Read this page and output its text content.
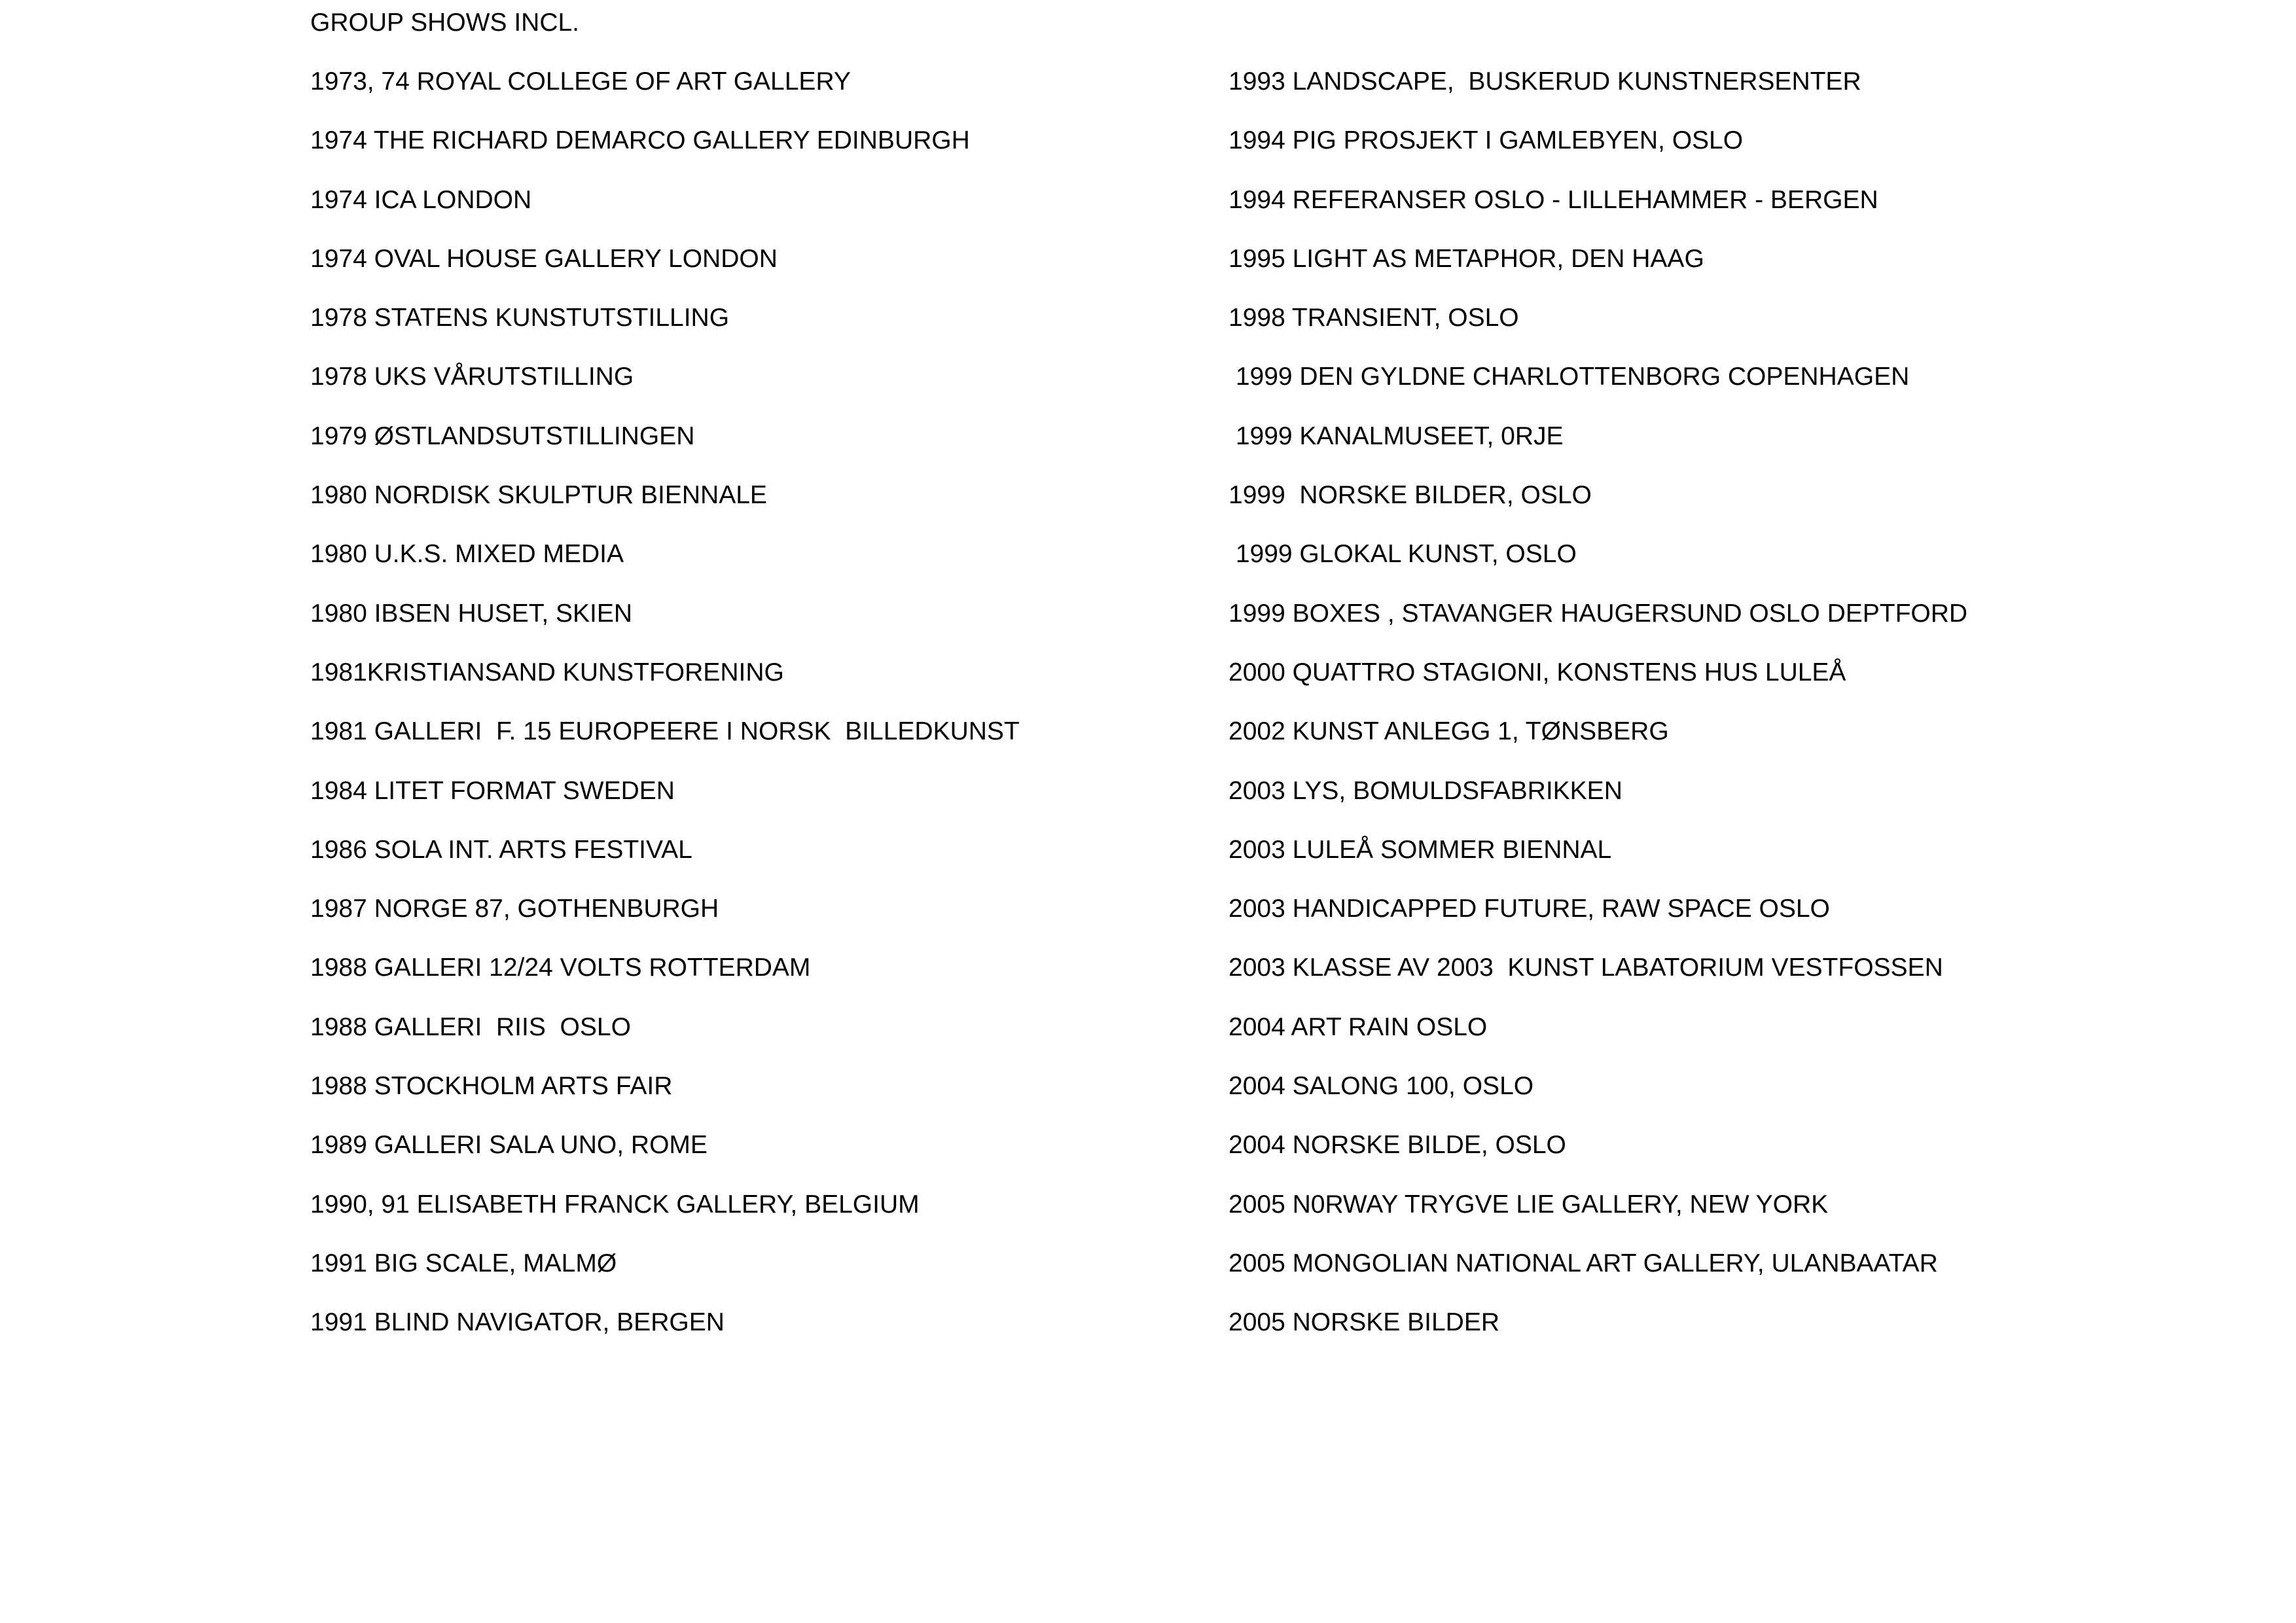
GROUP SHOWS INCL.
1973, 74 ROYAL COLLEGE OF ART GALLERY
1974 THE RICHARD DEMARCO GALLERY EDINBURGH
1974 ICA LONDON
1974 OVAL HOUSE GALLERY LONDON
1978 STATENS KUNSTUTSTILLING
1978 UKS VÅRUTSTILLING
1979 ØSTLANDSUTSTILLINGEN
1980 NORDISK SKULPTUR BIENNALE
1980 U.K.S. MIXED MEDIA
1980 IBSEN HUSET, SKIEN
1981KRISTIANSAND KUNSTFORENING
1981 GALLERI  F. 15 EUROPEERE I NORSK  BILLEDKUNST
1984 LITET FORMAT SWEDEN
1986 SOLA INT. ARTS FESTIVAL
1987 NORGE 87, GOTHENBURGH
1988 GALLERI 12/24 VOLTS ROTTERDAM
1988 GALLERI  RIIS  OSLO
1988 STOCKHOLM ARTS FAIR
1989 GALLERI SALA UNO, ROME
1990, 91 ELISABETH FRANCK GALLERY, BELGIUM
1991 BIG SCALE, MALMØ
1991 BLIND NAVIGATOR, BERGEN
1993 LANDSCAPE,  BUSKERUD KUNSTNERSENTER
1994 PIG PROSJEKT I GAMLEBYEN, OSLO
1994 REFERANSER OSLO - LILLEHAMMER - BERGEN
1995 LIGHT AS METAPHOR, DEN HAAG
1998 TRANSIENT, OSLO
1999 DEN GYLDNE CHARLOTTENBORG COPENHAGEN
1999 KANALMUSEET, 0RJE
1999  NORSKE BILDER, OSLO
1999 GLOKAL KUNST, OSLO
1999 BOXES , STAVANGER HAUGERSUND OSLO DEPTFORD
2000 QUATTRO STAGIONI, KONSTENS HUS LULEÅ
2002 KUNST ANLEGG 1, TØNSBERG
2003 LYS, BOMULDSFABRIKKEN
2003 LULEÅ SOMMER BIENNAL
2003 HANDICAPPED FUTURE, RAW SPACE OSLO
2003 KLASSE AV 2003  KUNST LABATORIUM VESTFOSSEN
2004 ART RAIN OSLO
2004 SALONG 100, OSLO
2004 NORSKE BILDE, OSLO
2005 N0RWAY TRYGVE LIE GALLERY, NEW YORK
2005 MONGOLIAN NATIONAL ART GALLERY, ULANBAATAR
2005 NORSKE BILDER
